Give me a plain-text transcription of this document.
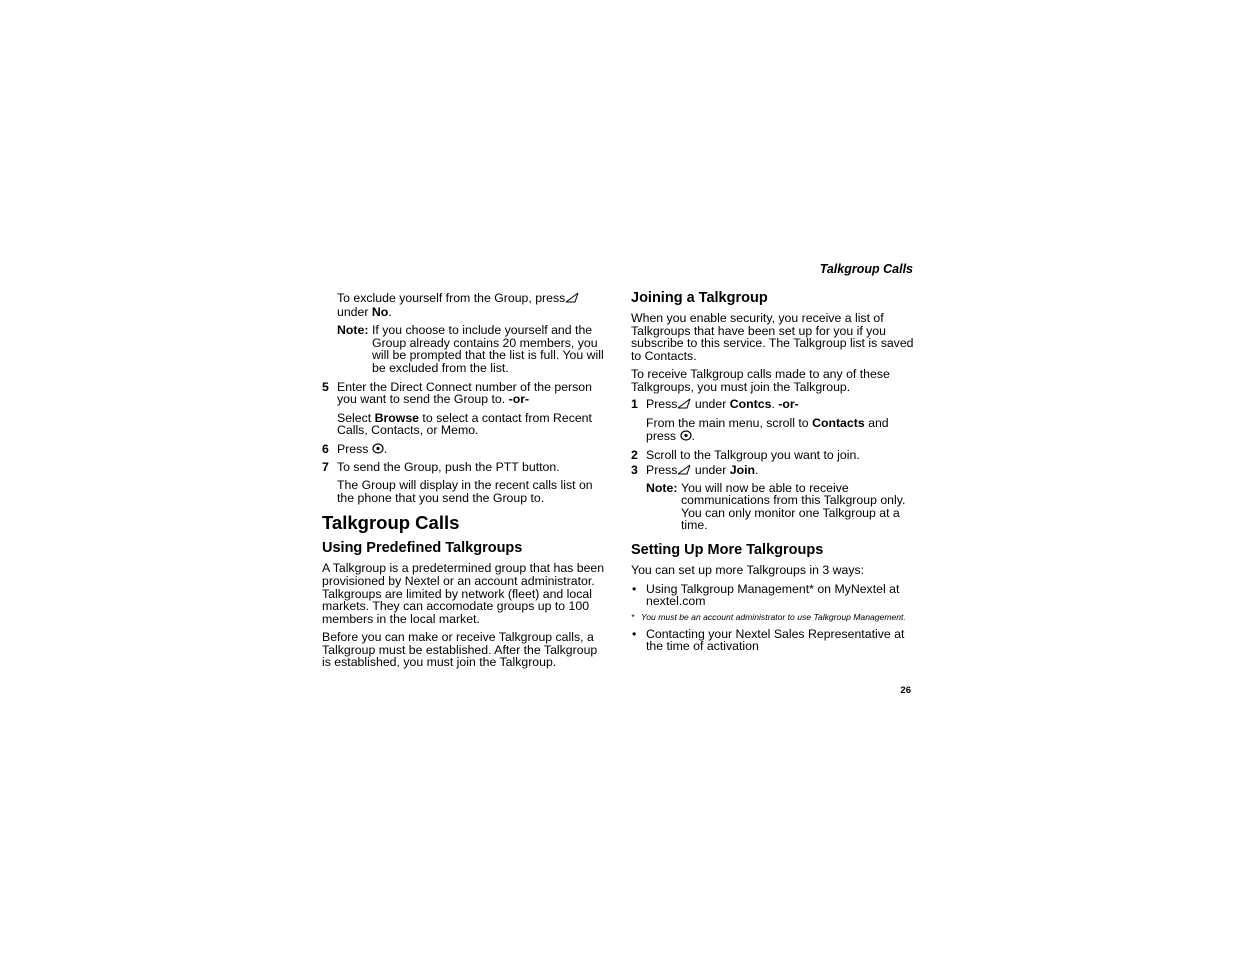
Talkgroup Calls

To exclude yourself from the Group, press
under No.

Note: If you choose to include yourself and the Group already contains 20 members, you will be prompted that the list is full. You will be excluded from the list.
5 Enter the Direct Connect number of the person you want to send the Group to. -or-

Select Browse to select a contact from Recent Calls, Contacts, or Memo.

6 Press .
7 To send the Group, push the PTT button.

The Group will display in the recent calls list on the phone that you send the Group to.

Talkgroup Calls
Using Predefined Talkgroups

A Talkgroup is a predetermined group that has been provisioned by Nextel or an account administrator. Talkgroups are limited by network (fleet) and local markets. They can accomodate groups up to 100 members in the local market.

Before you can make or receive Talkgroup calls, a Talkgroup must be established. After the Talkgroup is established, you must join the Talkgroup.

Joining a Talkgroup

When you enable security, you receive a list of Talkgroups that have been set up for you if you subscribe to this service. The Talkgroup list is saved to Contacts.

To receive Talkgroup calls made to any of these Talkgroups, you must join the Talkgroup.

1 Press under Contcs. -or-

From the main menu, scroll to Contacts and press .

2 Scroll to the Talkgroup you want to join.
3 Press under Join.
Note: You will now be able to receive communications from this Talkgroup only. You can only monitor one Talkgroup at a time.
Setting Up More Talkgroups

You can set up more Talkgroups in 3 ways:

• Using Talkgroup Management* on MyNextel at nextel.com
* You must be an account administrator to use Talkgroup Management.
• Contacting your Nextel Sales Representative at the time of activation
26
